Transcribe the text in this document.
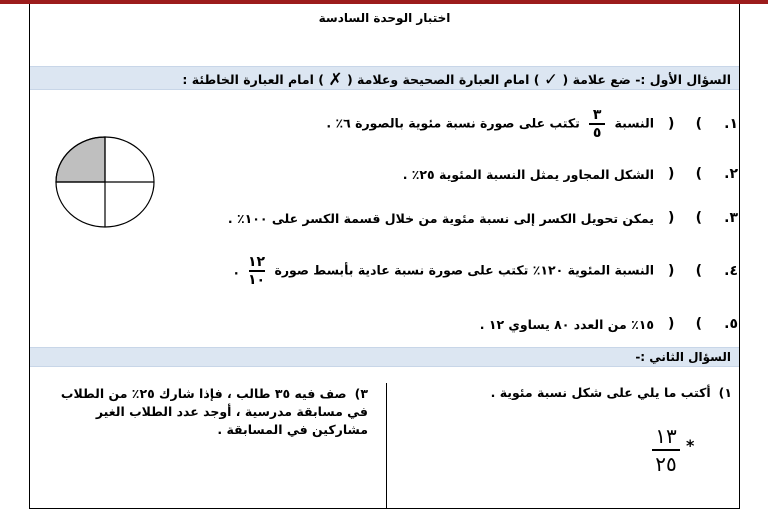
اختبار الوحدة السادسة
السؤال الأول :- ضع علامة ( ✓ ) امام العبارة الصحيحة وعلامة ( ✗ ) امام العبارة الخاطئة :
١.
)
(
النسبة
$\frac{٣}{٥}$
تكتب على صورة نسبة مئوية بالصورة ٦٪ .
٢.
)
(
الشكل المجاور يمثل النسبة المئوية ٢٥٪ .
٣.
)
(
يمكن تحويل الكسر إلى نسبة مئوية من خلال قسمة الكسر على ١٠٠٪ .
٤.
)
(
النسبة المئوية ١٢٠٪ تكتب على صورة نسبة عادية بأبسط صورة
$\frac{١٢}{١٠}$
.
٥.
)
(
١٥٪ من العدد ٨٠ يساوي ١٢ .
السؤال الثاني :-
١)أكتب ما يلي على شكل نسبة مئوية .
*
$\frac{١٣}{٢٥}$
٣)صف فيه ٣٥ طالب ، فإذا شارك ٢٥٪ من الطلاب في مسابقة مدرسية ، أوجد عدد الطلاب الغير مشاركين في المسابقة .
